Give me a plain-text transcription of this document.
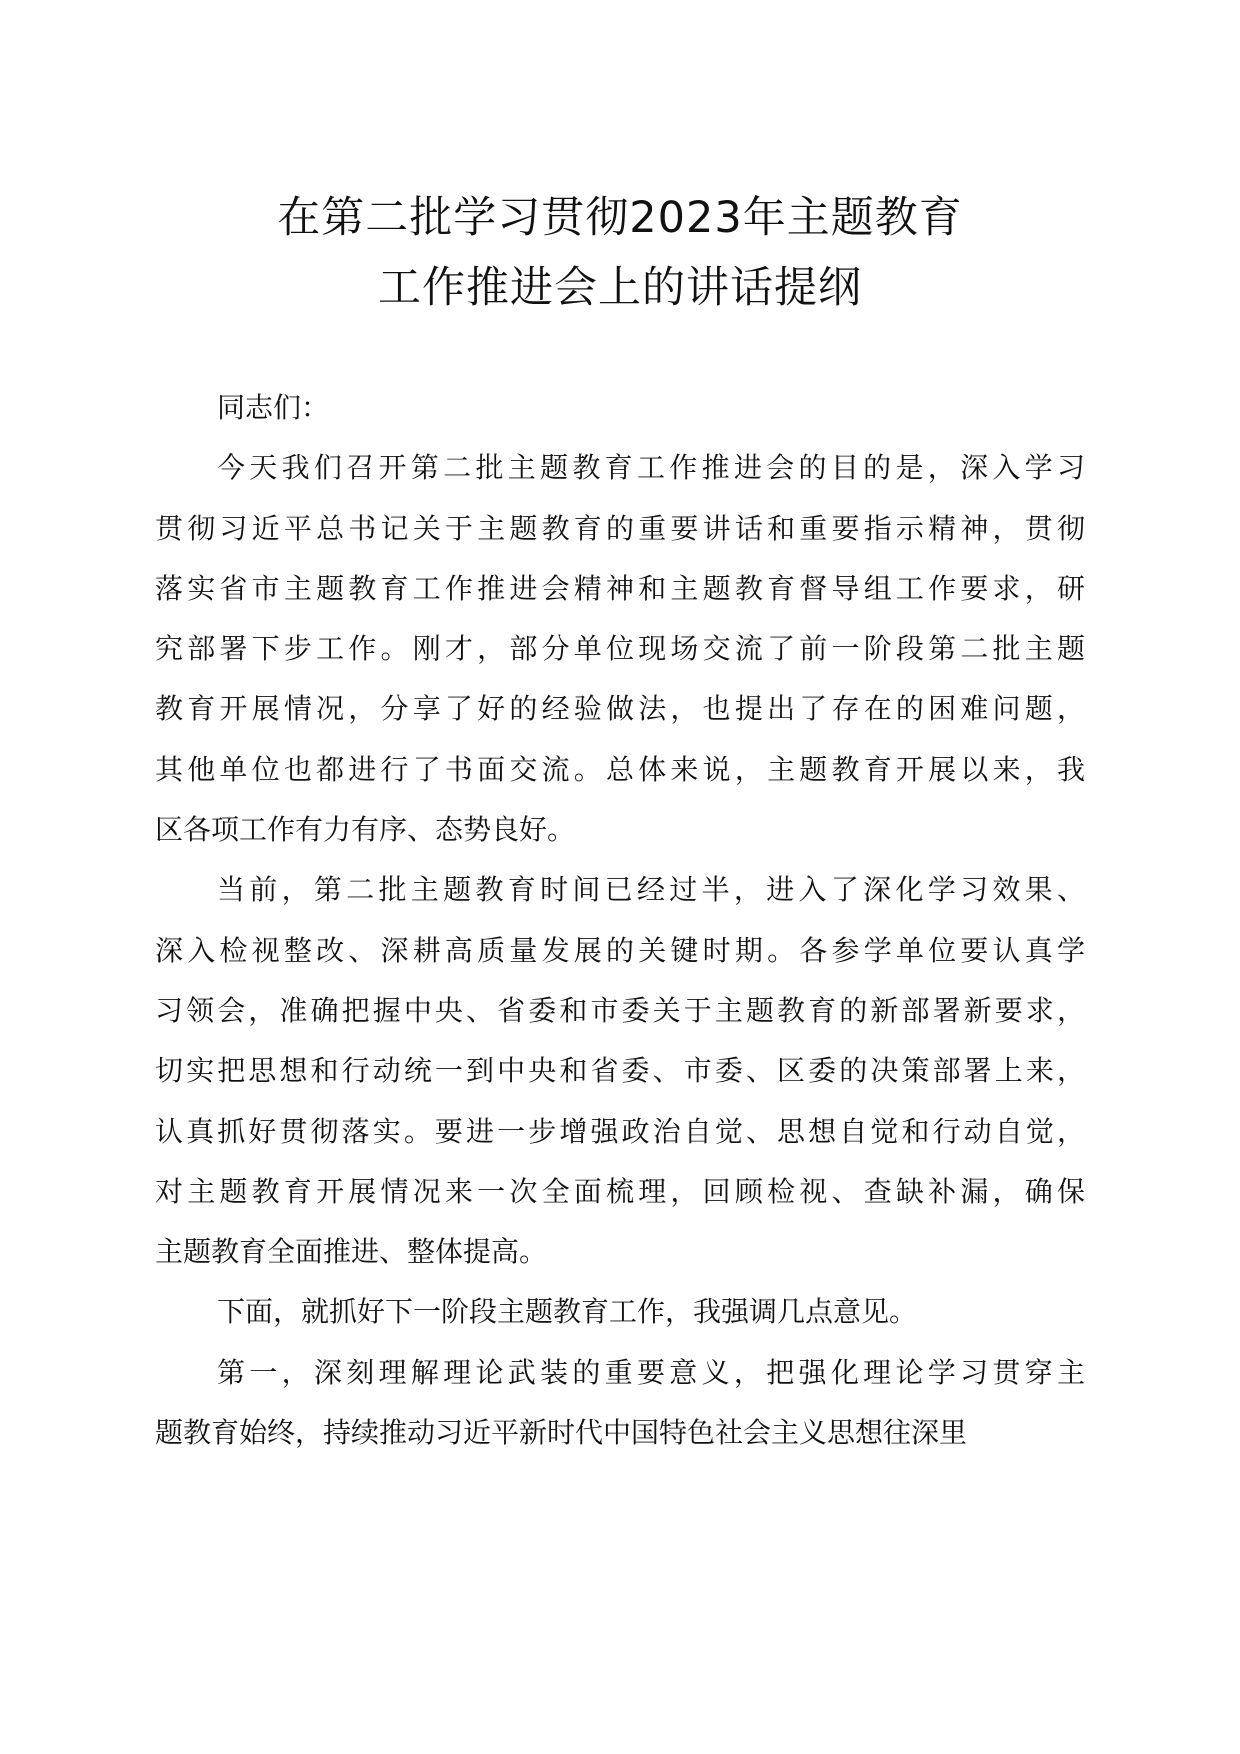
在第二批学习贯彻2023年主题教育
工作推进会上的讲话提纲
同志们：
今天我们召开第二批主题教育工作推进会的目的是，深入学习
贯彻习近平总书记关于主题教育的重要讲话和重要指示精神，贯彻
落实省市主题教育工作推进会精神和主题教育督导组工作要求，研
究部署下步工作。刚才，部分单位现场交流了前一阶段第二批主题
教育开展情况，分享了好的经验做法，也提出了存在的困难问题，
其他单位也都进行了书面交流。总体来说，主题教育开展以来，我
区各项工作有力有序、态势良好。
当前，第二批主题教育时间已经过半，进入了深化学习效果、
深入检视整改、深耕高质量发展的关键时期。各参学单位要认真学
习领会，准确把握中央、省委和市委关于主题教育的新部署新要求，
切实把思想和行动统一到中央和省委、市委、区委的决策部署上来，
认真抓好贯彻落实。要进一步增强政治自觉、思想自觉和行动自觉，
对主题教育开展情况来一次全面梳理，回顾检视、查缺补漏，确保
主题教育全面推进、整体提高。
下面，就抓好下一阶段主题教育工作，我强调几点意见。
第一，深刻理解理论武装的重要意义，把强化理论学习贯穿主
题教育始终，持续推动习近平新时代中国特色社会主义思想往深里
